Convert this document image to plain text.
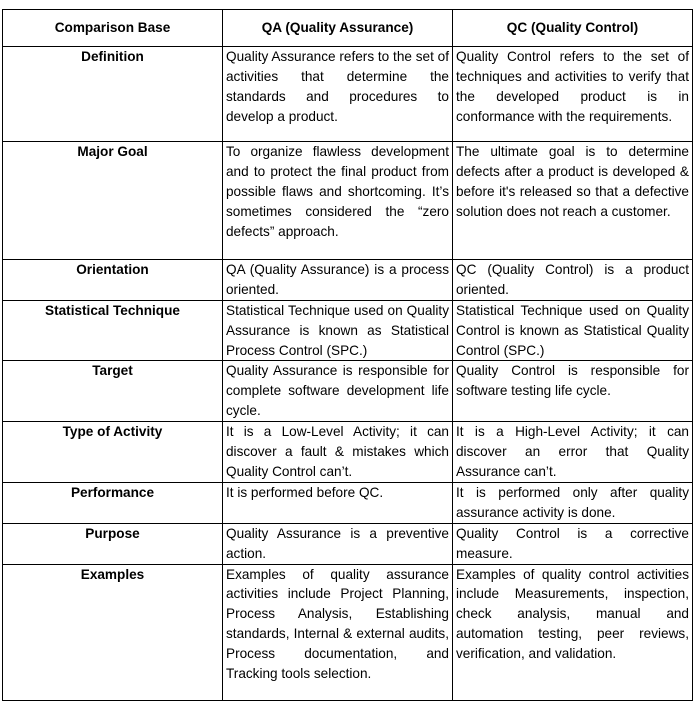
Comparison Base	QA (Quality Assurance)	QC (Quality Control)
Definition	Quality Assurance refers to the set of activities that determine the standards and procedures to develop a product.	Quality Control refers to the set of techniques and activities to verify that the developed product is in conformance with the requirements.
Major Goal	To organize flawless development and to protect the final product from possible flaws and shortcoming. It’s sometimes considered the “zero defects” approach.	The ultimate goal is to determine defects after a product is developed & before it's released so that a defective solution does not reach a customer.
Orientation	QA (Quality Assurance) is a process oriented.	QC (Quality Control) is a product oriented.
Statistical Technique	Statistical Technique used on Quality Assurance is known as Statistical Process Control (SPC.)	Statistical Technique used on Quality Control is known as Statistical Quality Control (SPC.)
Target	Quality Assurance is responsible for complete software development life cycle.	Quality Control is responsible for software testing life cycle.
Type of Activity	It is a Low-Level Activity; it can discover a fault & mistakes which Quality Control can’t.	It is a High-Level Activity; it can discover an error that Quality Assurance can’t.
Performance	It is performed before QC.	It is performed only after quality assurance activity is done.
Purpose	Quality Assurance is a preventive action.	Quality Control is a corrective measure.
Examples	Examples of quality assurance activities include Project Planning, Process Analysis, Establishing standards, Internal & external audits, Process documentation, and Tracking tools selection.	Examples of quality control activities include Measurements, inspection, check analysis, manual and automation testing, peer reviews, verification, and validation.
